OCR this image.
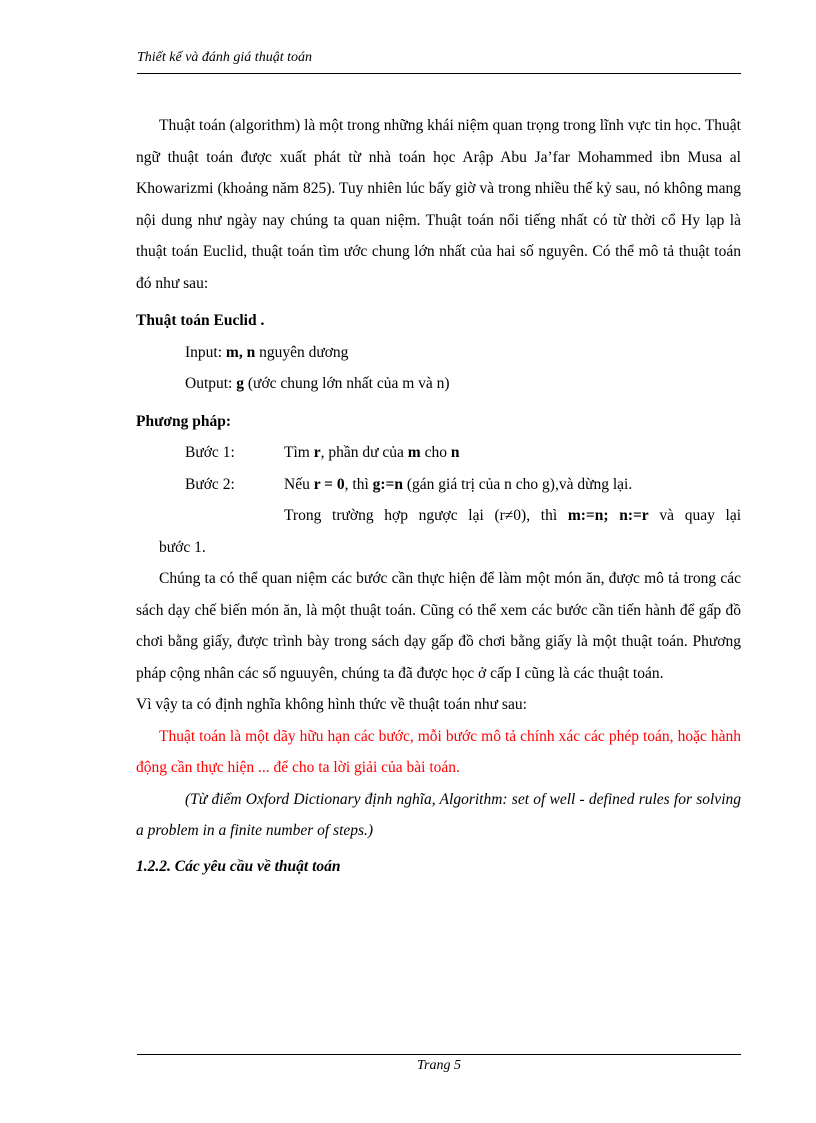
Thiết kế và đánh giá thuật toán

Thuật toán (algorithm) là một trong những khái niệm quan trọng trong lĩnh vực tin học. Thuật ngữ thuật toán được xuất phát từ nhà toán học Arập Abu Ja’far Mohammed ibn Musa al Khowarizmi (khoảng năm 825). Tuy nhiên lúc bấy giờ và trong nhiều thế kỷ sau, nó không mang nội dung như ngày nay chúng ta quan niệm. Thuật toán nổi tiếng nhất có từ thời cổ Hy lạp là thuật toán Euclid, thuật toán tìm ước chung lớn nhất của hai số nguyên. Có thể mô tả thuật toán đó như sau:

Thuật toán Euclid .

Input: m, n nguyên dương

Output: g (ước chung lớn nhất của m và n)

Phương pháp:

Bước 1:	Tìm r, phần dư của m cho n
Bước 2:	Nếu r = 0, thì g:=n (gán giá trị của n cho g),và dừng lại.

Trong trường hợp ngược lại (r≠0), thì m:=n; n:=r và quay lại

bước 1.

Chúng ta có thể quan niệm các bước cần thực hiện để làm một món ăn, được mô tả trong các sách dạy chế biến món ăn, là một thuật toán. Cũng có thể xem các bước cần tiến hành để gấp đồ chơi bằng giấy, được trình bày trong sách dạy gấp đồ chơi bằng giấy là một thuật toán. Phương pháp cộng nhân các số nguuyên, chúng ta đã được học ở cấp I cũng là các thuật toán.

Vì vậy ta có định nghĩa không hình thức về thuật toán như sau:

Thuật toán là một dãy hữu hạn các bước, mỗi bước mô tả chính xác các phép toán, hoặc hành động cần thực hiện ... để cho ta lời giải của bài toán.

(Từ điểm Oxford Dictionary định nghĩa, Algorithm: set of well - defined rules for solving a problem in a finite number of steps.)

1.2.2. Các yêu cầu về thuật toán

Trang 5
